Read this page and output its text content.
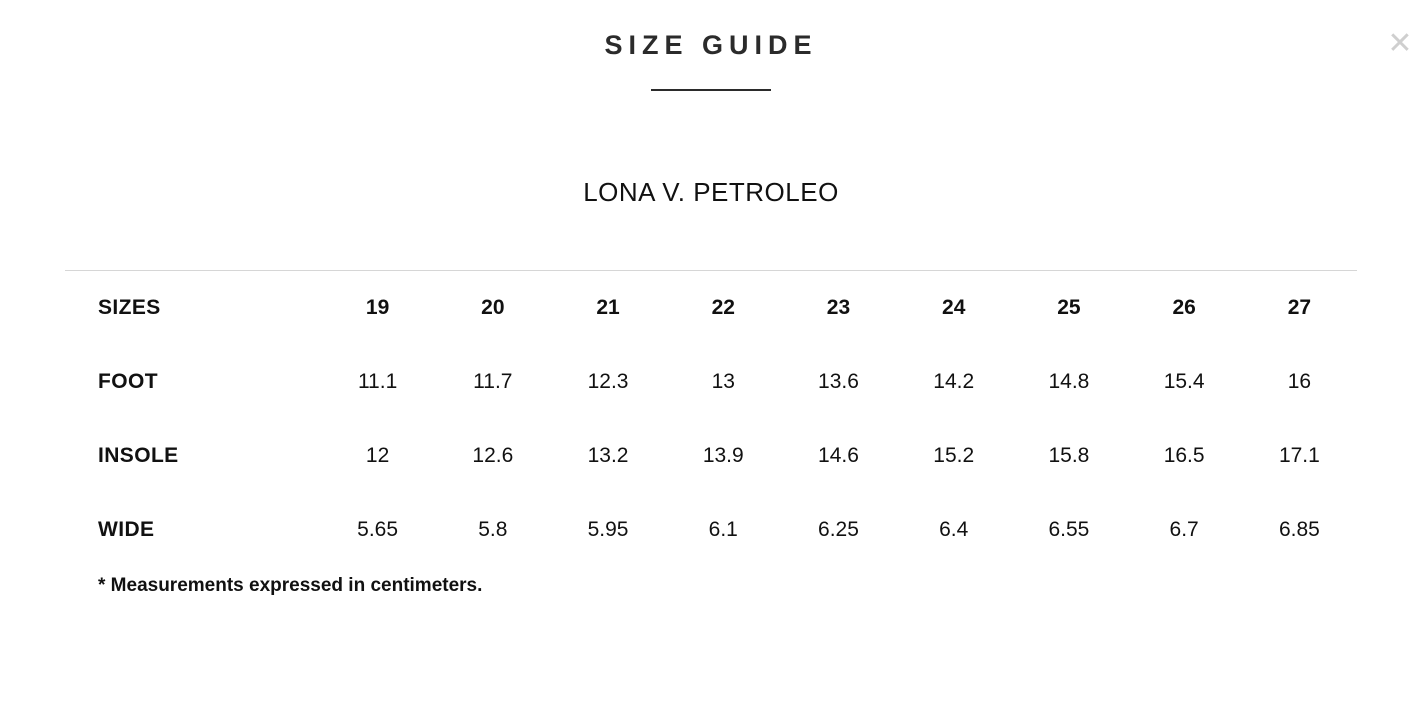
✕
SIZE GUIDE
LONA V. PETROLEO
SIZES	19	20	21	22	23	24	25	26	27
FOOT	11.1	11.7	12.3	13	13.6	14.2	14.8	15.4	16
INSOLE	12	12.6	13.2	13.9	14.6	15.2	15.8	16.5	17.1
WIDE	5.65	5.8	5.95	6.1	6.25	6.4	6.55	6.7	6.85
* Measurements expressed in centimeters.
